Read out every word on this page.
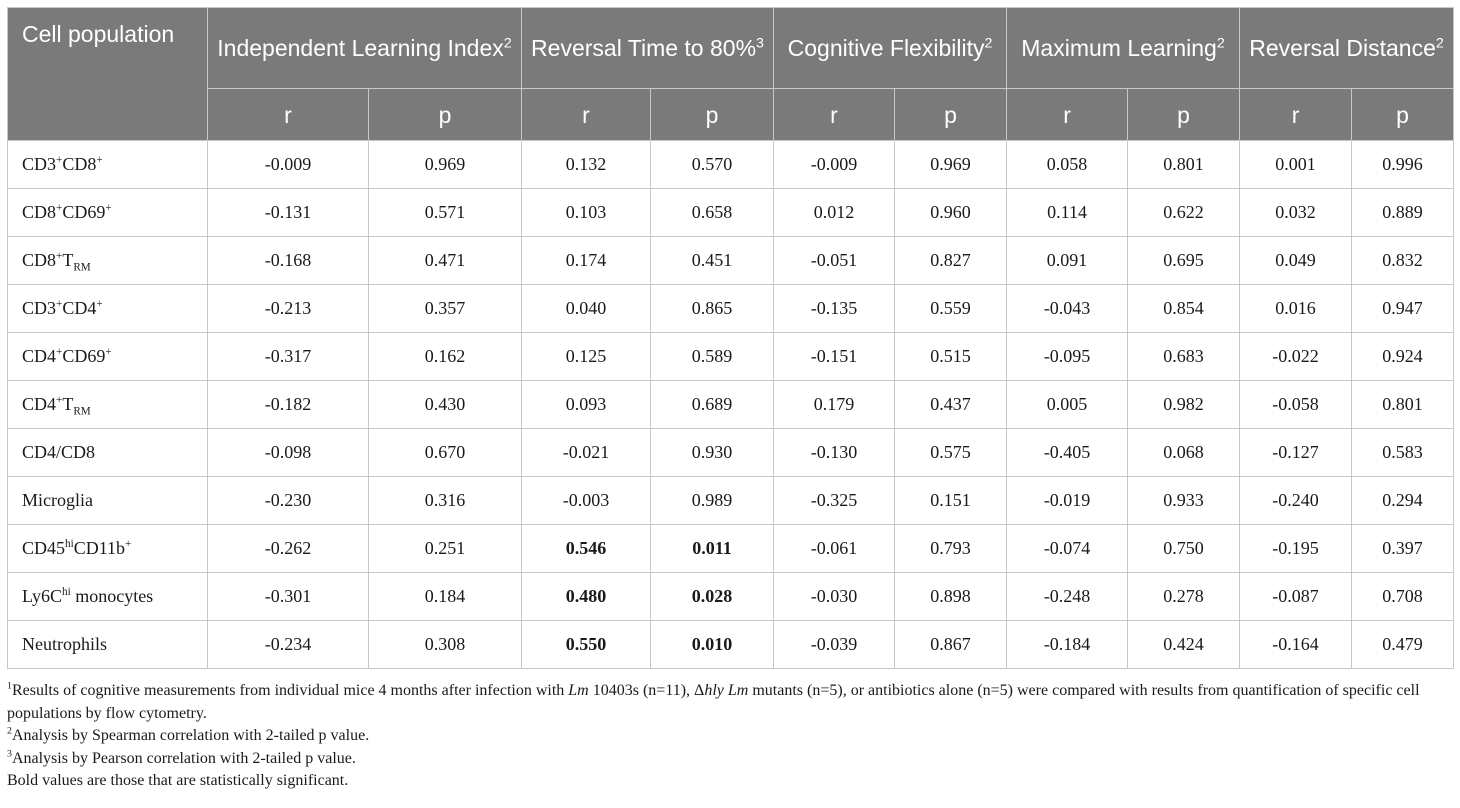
Cell population	Independent Learning Index$^2$		Reversal Time to 80%$^3$		Cognitive Flexibility$^2$		Maximum Learning$^2$		Reversal Distance$^2$
	r	p	r	p	r	p	r	p	r	p
CD3+CD8+	-0.009	0.969	0.132	0.570	-0.009	0.969	0.058	0.801	0.001	0.996
CD8+CD69+	-0.131	0.571	0.103	0.658	0.012	0.960	0.114	0.622	0.032	0.889
$CD8^+T_{RM}$	-0.168	0.471	0.174	0.451	-0.051	0.827	0.091	0.695	0.049	0.832
CD3+CD4+	-0.213	0.357	0.040	0.865	-0.135	0.559	-0.043	0.854	0.016	0.947
CD4+CD69+	-0.317	0.162	0.125	0.589	-0.151	0.515	-0.095	0.683	-0.022	0.924
$CD4^+T_{RM}$	-0.182	0.430	0.093	0.689	0.179	0.437	0.005	0.982	-0.058	0.801
CD4/CD8	-0.098	0.670	-0.021	0.930	-0.130	0.575	-0.405	0.068	-0.127	0.583
Microglia	-0.230	0.316	-0.003	0.989	-0.325	0.151	-0.019	0.933	-0.240	0.294
$CD45^{hi}CD11b^+$	-0.262	0.251	0.546	0.011	-0.061	0.793	-0.074	0.750	-0.195	0.397
$Ly6C^{hi}$ monocytes	-0.301	0.184	0.480	0.028	-0.030	0.898	-0.248	0.278	-0.087	0.708
Neutrophils	-0.234	0.308	0.550	0.010	-0.039	0.867	-0.184	0.424	-0.164	0.479

$^1$Results of cognitive measurements from individual mice 4 months after infection with Lm 10403s (n=11), Δhly Lm mutants (n=5), or antibiotics alone (n=5) were compared with results from quantification of specific cell populations by flow cytometry.

$^2$Analysis by Spearman correlation with 2-tailed p value.

$^3$Analysis by Pearson correlation with 2-tailed p value.

Bold values are those that are statistically significant.
